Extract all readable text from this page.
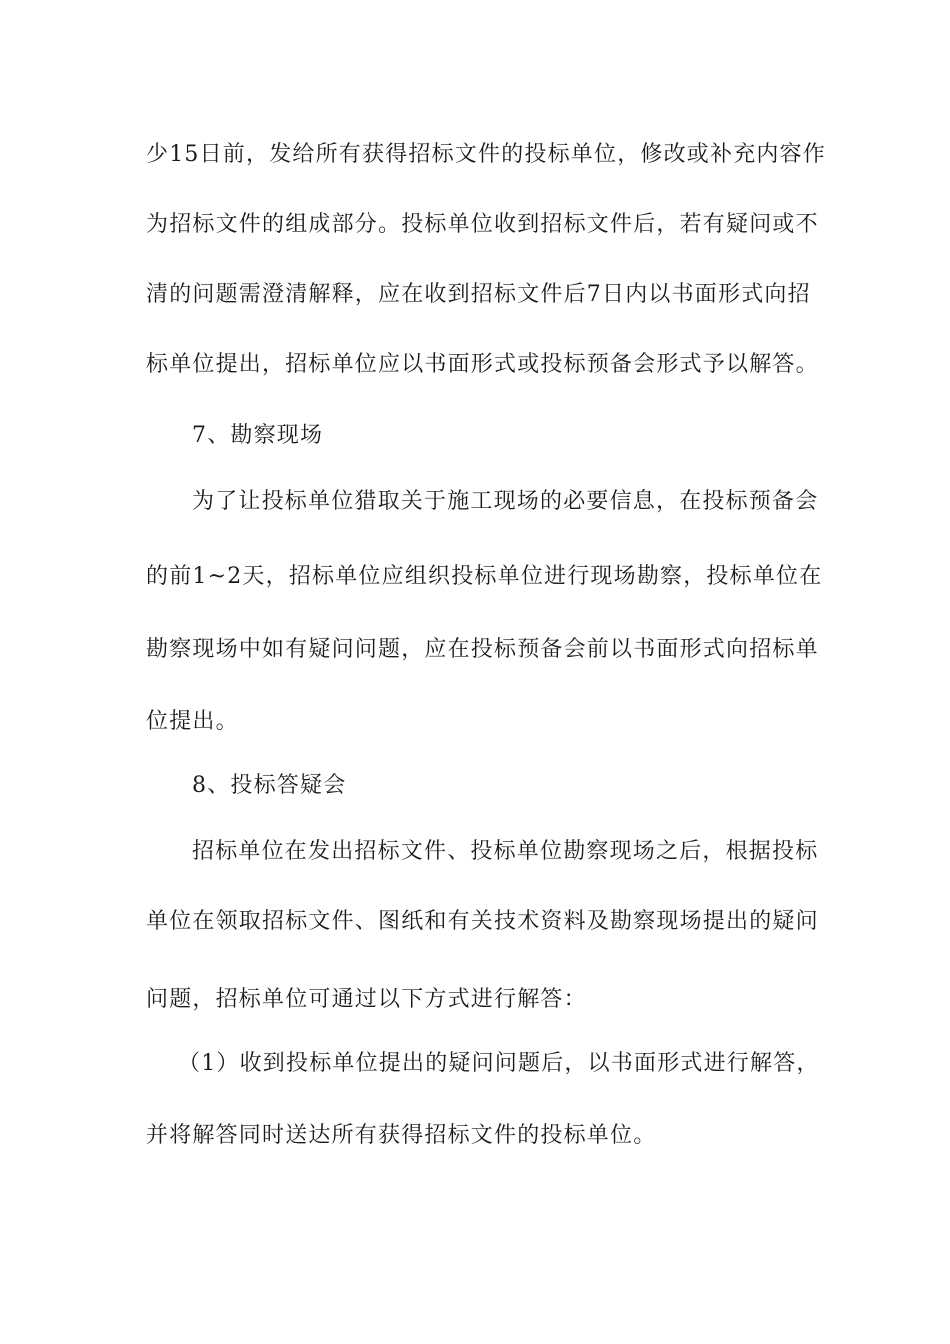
少15日前，发给所有获得招标文件的投标单位，修改或补充内容作
为招标文件的组成部分。投标单位收到招标文件后，若有疑问或不
清的问题需澄清解释，应在收到招标文件后7日内以书面形式向招
标单位提出，招标单位应以书面形式或投标预备会形式予以解答。
7、勘察现场
为了让投标单位猎取关于施工现场的必要信息，在投标预备会
的前1~2天，招标单位应组织投标单位进行现场勘察，投标单位在
勘察现场中如有疑问问题，应在投标预备会前以书面形式向招标单
位提出。
8、投标答疑会
招标单位在发出招标文件、投标单位勘察现场之后，根据投标
单位在领取招标文件、图纸和有关技术资料及勘察现场提出的疑问
问题，招标单位可通过以下方式进行解答：
（1）收到投标单位提出的疑问问题后，以书面形式进行解答，
并将解答同时送达所有获得招标文件的投标单位。
